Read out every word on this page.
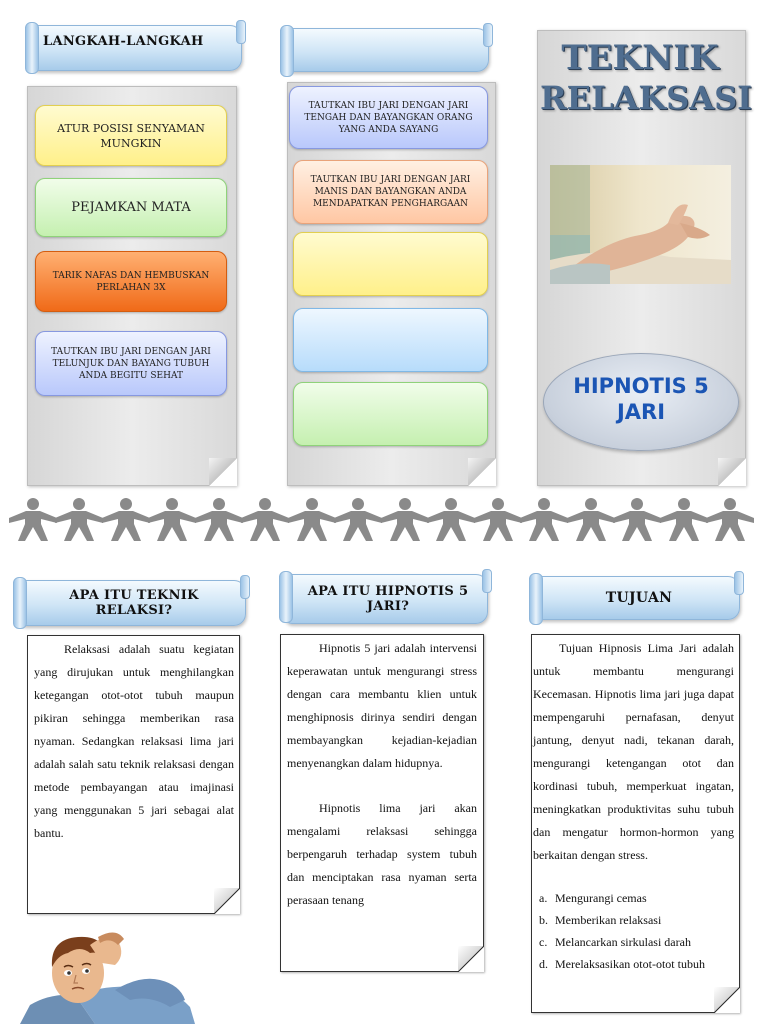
LANGKAH-LANGKAH
ATUR POSISI SENYAMAN MUNGKIN
PEJAMKAN MATA
TARIK NAFAS DAN HEMBUSKAN PERLAHAN 3X
TAUTKAN IBU JARI DENGAN JARI TELUNJUK DAN BAYANG TUBUH ANDA BEGITU SEHAT
TAUTKAN IBU JARI DENGAN JARI TENGAH DAN BAYANGKAN ORANG YANG ANDA SAYANG
TAUTKAN IBU JARI DENGAN JARI MANIS DAN BAYANGKAN ANDA MENDAPATKAN PENGHARGAAN
TEKNIK
RELAKSASI
HIPNOTIS 5
JARI
APA ITU TEKNIK RELAKSI?

Relaksasi adalah suatu kegiatan yang dirujukan untuk menghilangkan ketegangan otot-otot tubuh maupun pikiran sehingga memberikan rasa nyaman. Sedangkan relaksasi lima jari adalah salah satu teknik relaksasi dengan metode pembayangan atau imajinasi yang menggunakan 5 jari sebagai alat bantu.

APA ITU HIPNOTIS 5 JARI?

Hipnotis 5 jari adalah intervensi keperawatan untuk mengurangi stress dengan cara membantu klien untuk menghipnosis dirinya sendiri dengan membayangkan kejadian-kejadian menyenangkan dalam hidupnya.

Hipnotis lima jari akan mengalami relaksasi sehingga berpengaruh terhadap system tubuh dan menciptakan rasa nyaman serta perasaan tenang

TUJUAN

Tujuan Hipnosis Lima Jari adalah untuk membantu mengurangi Kecemasan. Hipnotis lima jari juga dapat mempengaruhi pernafasan, denyut jantung, denyut nadi, tekanan darah, mengurangi ketengangan otot dan kordinasi tubuh, memperkuat ingatan, meningkatkan produktivitas suhu tubuh dan mengatur hormon-hormon yang berkaitan dengan stress.

a. Mengurangi cemas
b. Memberikan relaksasi
c. Melancarkan sirkulasi darah
d. Merelaksasikan otot-otot tubuh
